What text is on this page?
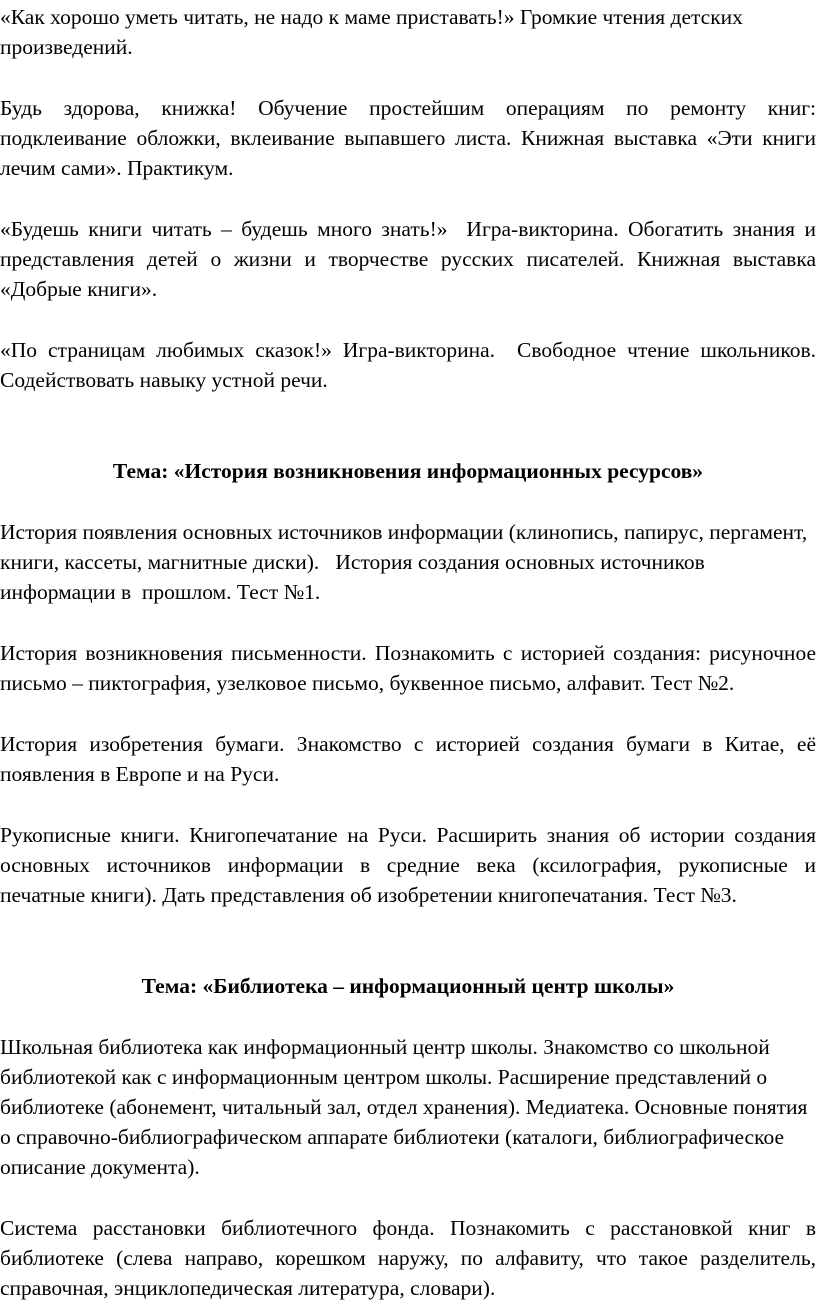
«Как хорошо уметь читать, не надо к маме приставать!» Громкие чтения детских произведений.

Будь здорова, книжка! Обучение простейшим операциям по ремонту книг: подклеивание обложки, вклеивание выпавшего листа. Книжная выставка «Эти книги лечим сами». Практикум.

«Будешь книги читать – будешь много знать!»  Игра-викторина. Обогатить знания и представления детей о жизни и творчестве русских писателей. Книжная выставка «Добрые книги».

«По страницам любимых сказок!» Игра-викторина.  Свободное чтение школьников. Содействовать навыку устной речи.

Тема: «История возникновения информационных ресурсов»

История появления основных источников информации (клинопись, папирус, пергамент, книги, кассеты, магнитные диски).   История создания основных источников информации в  прошлом. Тест №1.

История возникновения письменности. Познакомить с историей создания: рисуночное письмо – пиктография, узелковое письмо, буквенное письмо, алфавит. Тест №2.

История изобретения бумаги. Знакомство с историей создания бумаги в Китае, её появления в Европе и на Руси.

Рукописные книги. Книгопечатание на Руси. Расширить знания об истории создания основных источников информации в средние века (ксилография, рукописные и печатные книги). Дать представления об изобретении книгопечатания. Тест №3.

Тема: «Библиотека – информационный центр школы»

Школьная библиотека как информационный центр школы. Знакомство со школьной библиотекой как с информационным центром школы. Расширение представлений о библиотеке (абонемент, читальный зал, отдел хранения). Медиатека. Основные понятия о справочно-библиографическом аппарате библиотеки (каталоги, библиографическое описание документа).

Система расстановки библиотечного фонда. Познакомить с расстановкой книг в библиотеке (слева направо, корешком наружу, по алфавиту, что такое разделитель, справочная, энциклопедическая литература, словари).
